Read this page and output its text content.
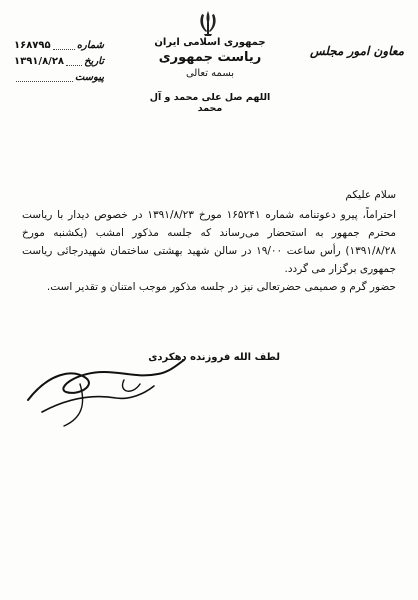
جمهوری اسلامی ایران
ریاست جمهوری
بسمه تعالی
اللهم صل علی محمد و آل محمد
معاون امور مجلس
شماره
۱۶۸۷۹۵
تاریخ
۱۳۹۱/۸/۲۸
پیوست

سلام علیکم

احتراماً، پیرو دعوتنامه شماره ۱۶۵۲۴۱ مورخ ۱۳۹۱/۸/۲۳ در خصوص دیدار با ریاست محترم جمهور به استحضار می‌رساند که جلسه مذکور امشب (یکشنبه مورخ ۱۳۹۱/۸/۲۸) رأس ساعت ۱۹/۰۰ در سالن شهید بهشتی ساختمان شهیدرجائی ریاست جمهوری برگزار می گردد.

حضور گرم و صمیمی حضرتعالی نیز در جلسه مذکور موجب امتنان و تقدیر است.

لطف الله فروزنده دهکردی
